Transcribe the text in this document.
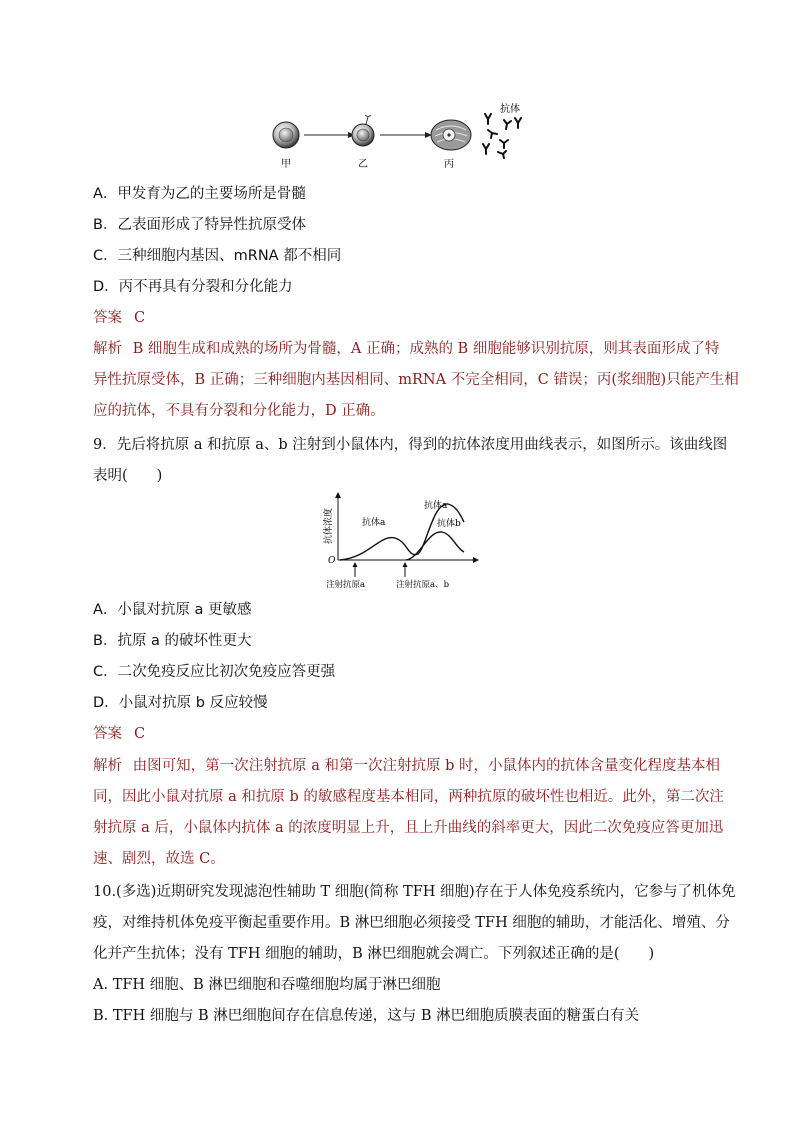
抗体
甲	乙	丙
A．甲发育为乙的主要场所是骨髓
B．乙表面形成了特异性抗原受体
C．三种细胞内基因、mRNA 都不相同
D．丙不再具有分裂和分化能力
答案 C
解析 B 细胞生成和成熟的场所为骨髓，A 正确；成熟的 B 细胞能够识别抗原，则其表面形成了特
异性抗原受体，B 正确；三种细胞内基因相同、mRNA 不完全相同，C 错误；丙(浆细胞)只能产生相
应的抗体，不具有分裂和分化能力，D 正确。
9．先后将抗原 a 和抗原 a、b 注射到小鼠体内，得到的抗体浓度用曲线表示，如图所示。该曲线图
表明(　　)
抗体浓度
O
抗体a
抗体a
抗体b
注射抗原a	注射抗原a、b
A．小鼠对抗原 a 更敏感
B．抗原 a 的破坏性更大
C．二次免疫反应比初次免疫应答更强
D．小鼠对抗原 b 反应较慢
答案 C
解析 由图可知，第一次注射抗原 a 和第一次注射抗原 b 时，小鼠体内的抗体含量变化程度基本相
同，因此小鼠对抗原 a 和抗原 b 的敏感程度基本相同，两种抗原的破坏性也相近。此外，第二次注
射抗原 a 后，小鼠体内抗体 a 的浓度明显上升，且上升曲线的斜率更大，因此二次免疫应答更加迅
速、剧烈，故选 C。
10.(多选)近期研究发现滤泡性辅助 T 细胞(简称 TFH 细胞)存在于人体免疫系统内，它参与了机体免
疫，对维持机体免疫平衡起重要作用。B 淋巴细胞必须接受 TFH 细胞的辅助，才能活化、增殖、分
化并产生抗体；没有 TFH 细胞的辅助，B 淋巴细胞就会凋亡。下列叙述正确的是(　　)
A. TFH 细胞、B 淋巴细胞和吞噬细胞均属于淋巴细胞
B. TFH 细胞与 B 淋巴细胞间存在信息传递，这与 B 淋巴细胞质膜表面的糖蛋白有关
